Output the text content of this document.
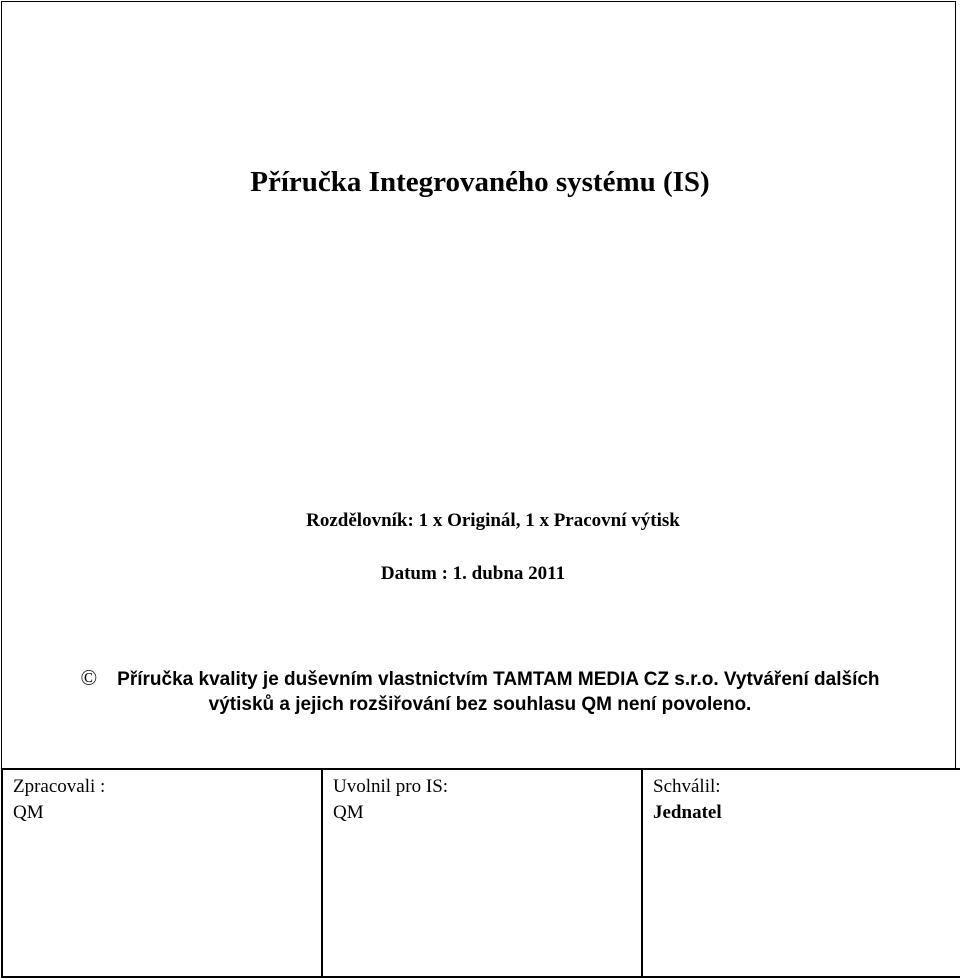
Příručka Integrovaného systému (IS)
Rozdělovník: 1 x Originál, 1 x Pracovní výtisk
Datum : 1. dubna 2011
© Příručka kvality je duševním vlastnictvím TAMTAM MEDIA CZ s.r.o. Vytváření dalších
výtisků a jejich rozšiřování bez souhlasu QM není povoleno.
Zpracovali :
QM

Uvolnil pro IS:
QM

Schválil:
Jednatel
